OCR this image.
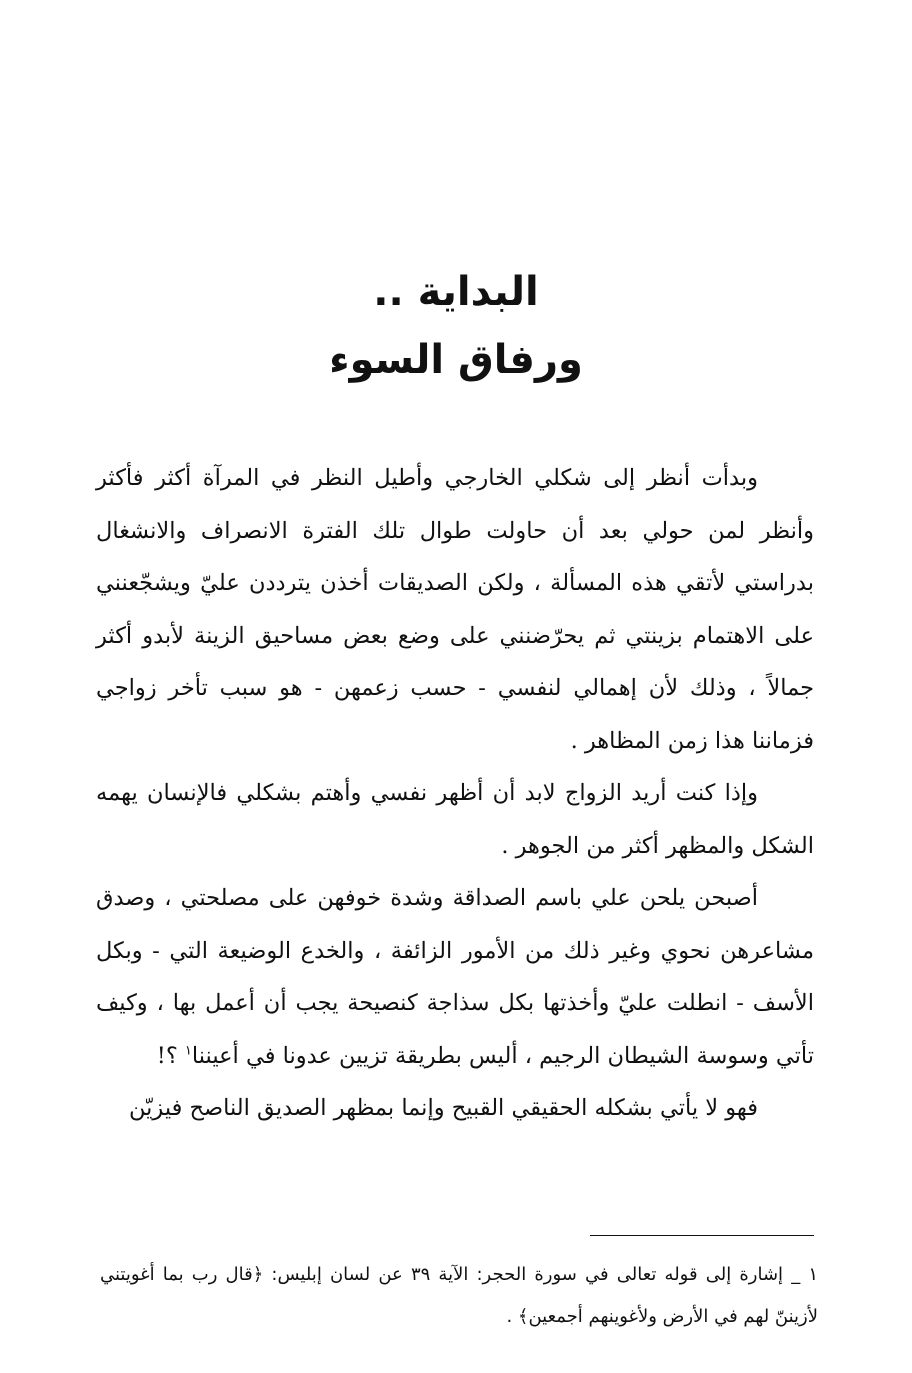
البداية ..

ورفاق السوء

وبدأت أنظر إلى شكلي الخارجي وأطيل النظر في المرآة أكثر فأكثر وأنظر لمن حولي بعد أن حاولت طوال تلك الفترة الانصراف والانشغال بدراستي لأتقي هذه المسألة ، ولكن الصديقات أخذن يترددن عليّ ويشجّعنني على الاهتمام بزينتي ثم يحرّضنني على وضع بعض مساحيق الزينة لأبدو أكثر جمالاً ، وذلك لأن إهمالي لنفسي - حسب زعمهن - هو سبب تأخر زواجي فزماننا هذا زمن المظاهر .

وإذا كنت أريد الزواج لابد أن أظهر نفسي وأهتم بشكلي فالإنسان يهمه الشكل والمظهر أكثر من الجوهر .

أصبحن يلحن علي باسم الصداقة وشدة خوفهن على مصلحتي ، وصدق مشاعرهن نحوي وغير ذلك من الأمور الزائفة ، والخدع الوضيعة التي - وبكل الأسف - انطلت عليّ وأخذتها بكل سذاجة كنصيحة يجب أن أعمل بها ، وكيف تأتي وسوسة الشيطان الرجيم ، أليس بطريقة تزيين عدونا في أعيننا$^١$ ؟!

فهو لا يأتي بشكله الحقيقي القبيح وإنما بمظهر الصديق الناصح فيزيّن

١ _ إشارة إلى قوله تعالى في سورة الحجر: الآية ٣٩ عن لسان إبليس: ﴿قال رب بما أغويتني لأزيننّ لهم في الأرض ولأغوينهم أجمعين﴾ .
